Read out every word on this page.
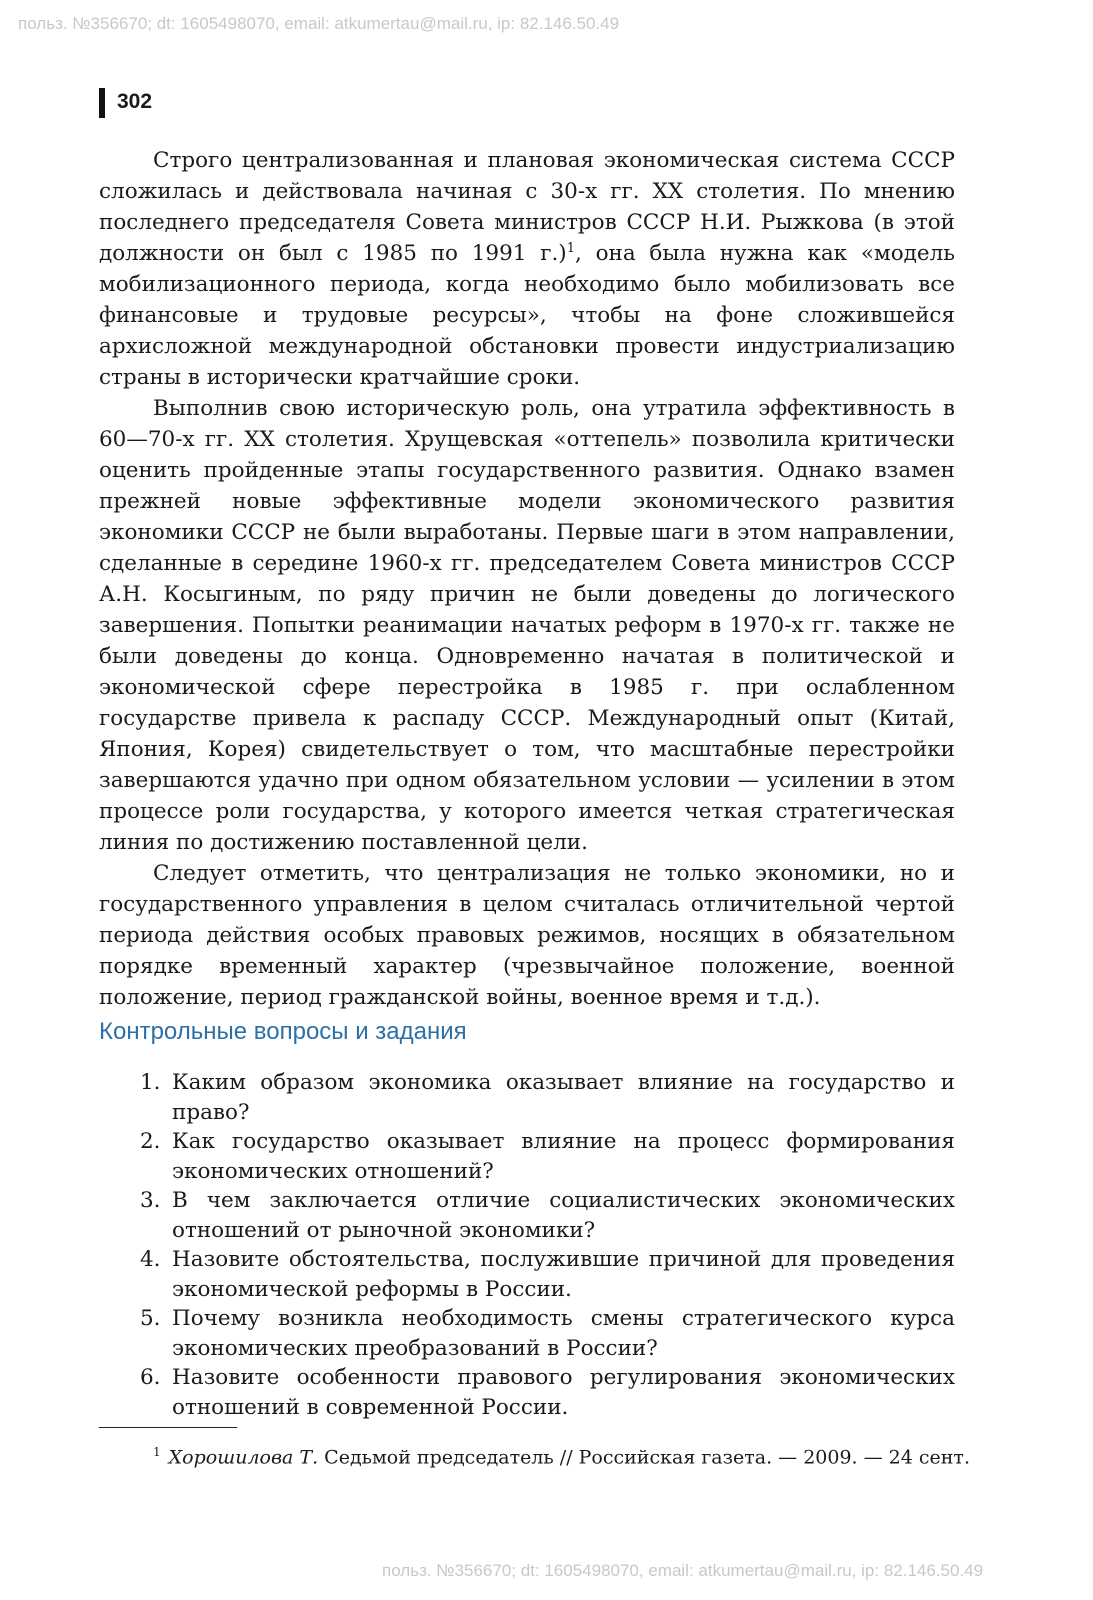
польз. №356670; dt: 1605498070, email: atkumertau@mail.ru, ip: 82.146.50.49
302

Строго централизованная и плановая экономическая система СССР сложилась и действовала начиная с 30-х гг. XX столетия. По мнению последнего председателя Совета министров СССР Н.И. Рыжкова (в этой должности он был с 1985 по 1991 г.)$^1$, она была нужна как «модель мобилизационного периода, когда необходимо было мобилизовать все финансовые и трудовые ресурсы», чтобы на фоне сложившейся архисложной международной обстановки провести индустриализацию страны в исторически кратчайшие сроки.

Выполнив свою историческую роль, она утратила эффективность в 60—70-х гг. XX столетия. Хрущевская «оттепель» позволила критически оценить пройденные этапы государственного развития. Однако взамен прежней новые эффективные модели экономического развития экономики СССР не были выработаны. Первые шаги в этом направлении, сделанные в середине 1960-х гг. председателем Совета министров СССР А.Н. Косыгиным, по ряду причин не были доведены до логического завершения. Попытки реанимации начатых реформ в 1970-х гг. также не были доведены до конца. Одновременно начатая в политической и экономической сфере перестройка в 1985 г. при ослабленном государстве привела к распаду СССР. Международный опыт (Китай, Япония, Корея) свидетельствует о том, что масштабные перестройки завершаются удачно при одном обязательном условии — усилении в этом процессе роли государства, у которого имеется четкая стратегическая линия по достижению поставленной цели.

Следует отметить, что централизация не только экономики, но и государственного управления в целом считалась отличительной чертой периода действия особых правовых режимов, носящих в обязательном порядке временный характер (чрезвычайное положение, военной положение, период гражданской войны, военное время и т.д.).

Контрольные вопросы и задания
1. Каким образом экономика оказывает влияние на государство и право?
2. Как государство оказывает влияние на процесс формирования экономических отношений?
3. В чем заключается отличие социалистических экономических отношений от рыночной экономики?
4. Назовите обстоятельства, послужившие причиной для проведения экономической реформы в России.
5. Почему возникла необходимость смены стратегического курса экономических преобразований в России?
6. Назовите особенности правового регулирования экономических отношений в современной России.
$^1$ Хорошилова Т. Седьмой председатель // Российская газета. — 2009. — 24 сент.
польз. №356670; dt: 1605498070, email: atkumertau@mail.ru, ip: 82.146.50.49
